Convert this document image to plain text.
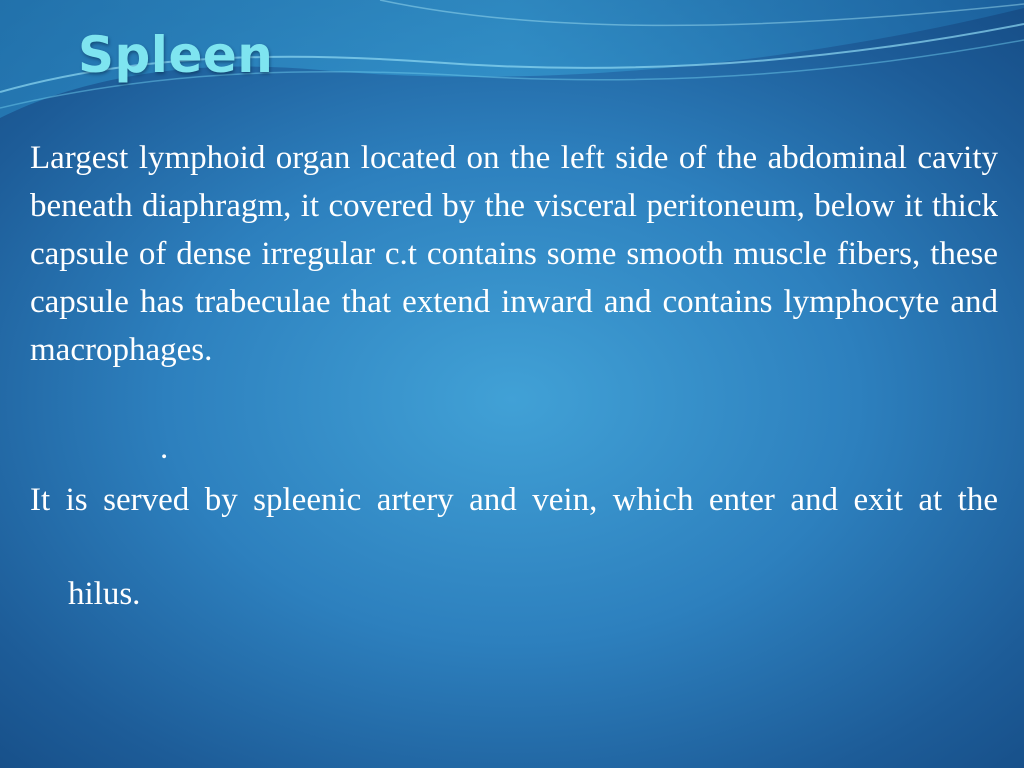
Spleen

Largest lymphoid organ located on the left side of the abdominal cavity beneath diaphragm, it covered by the visceral peritoneum, below it thick capsule of dense irregular c.t contains some smooth muscle fibers, these capsule has trabeculae that extend inward and contains lymphocyte and macrophages.

.

It is served by spleenic artery and vein, which enter and exit at the

hilus.
